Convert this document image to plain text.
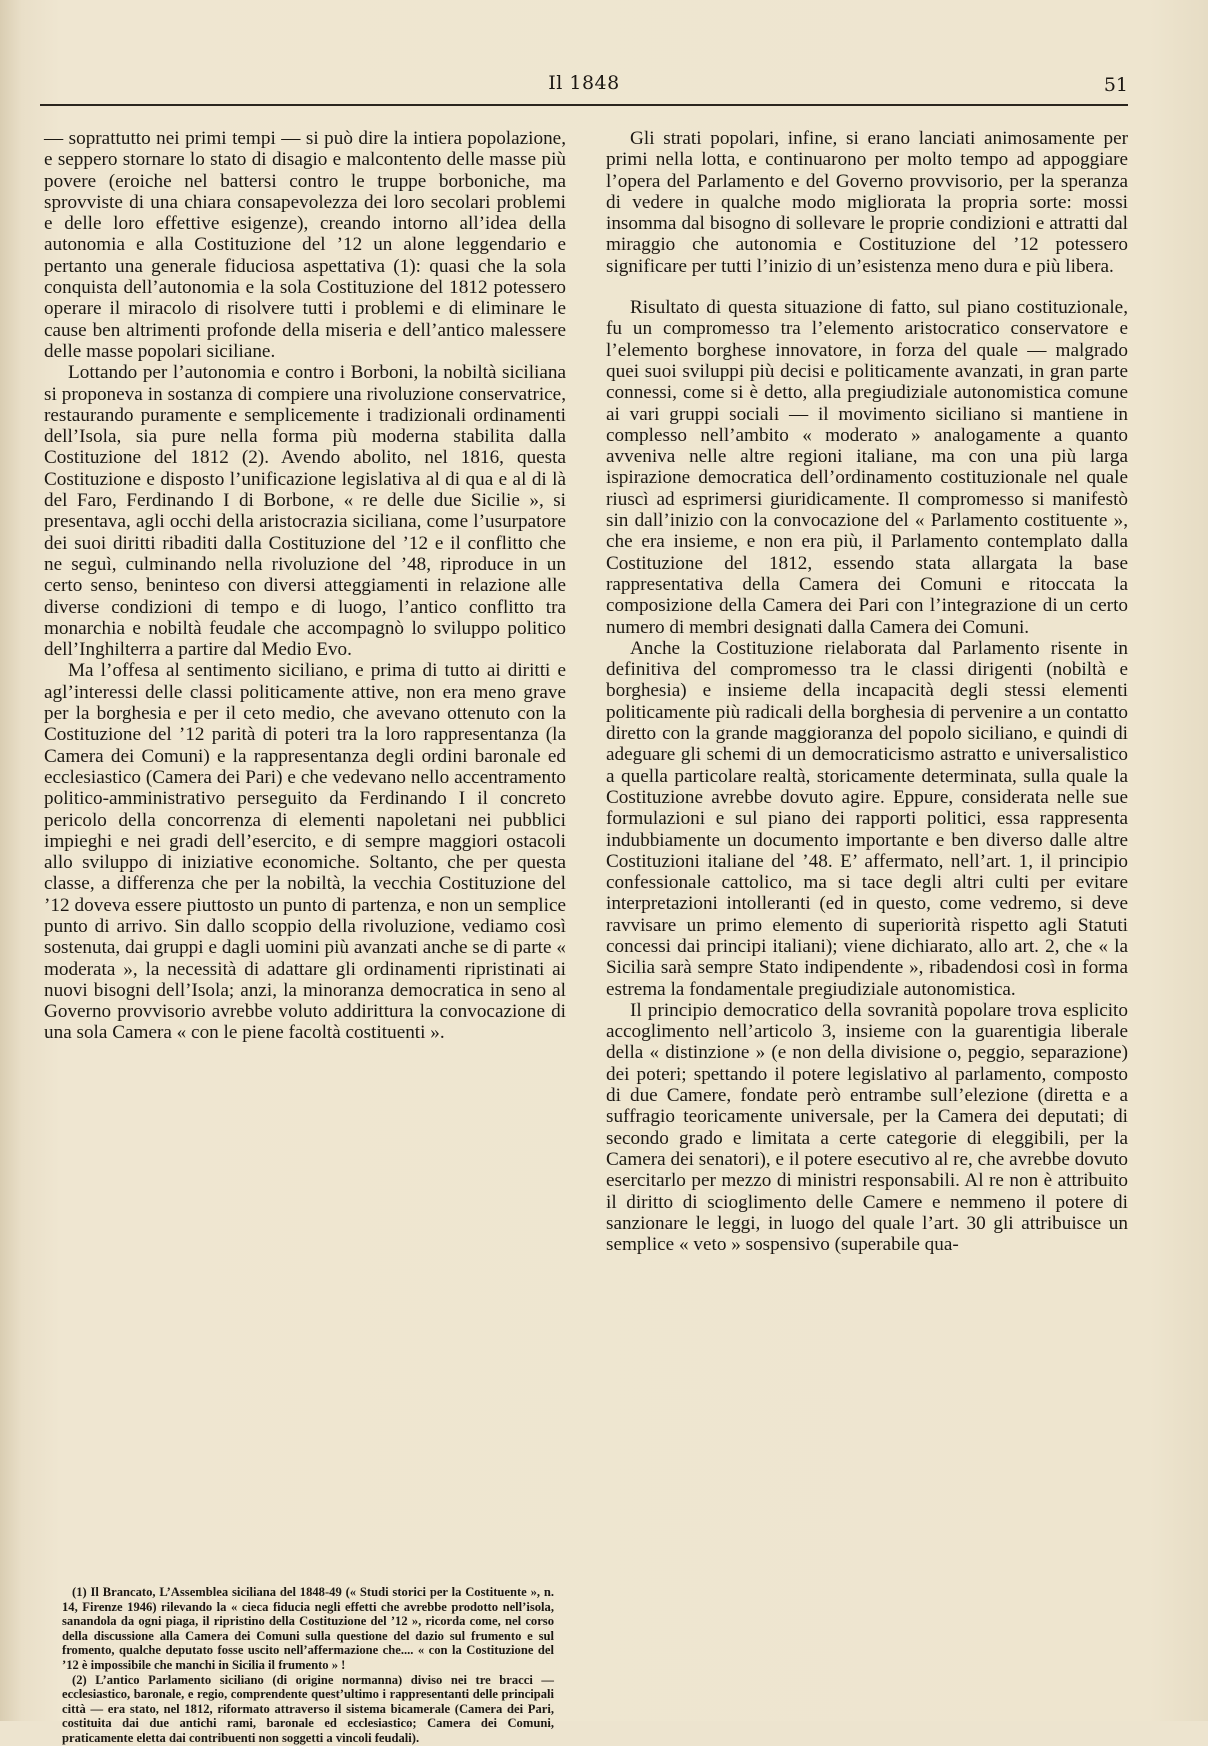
Il 1848	51

— soprattutto nei primi tempi — si può dire la intiera popolazione, e seppero stornare lo stato di disagio e malcontento delle masse più povere (eroiche nel battersi contro le truppe borboniche, ma sprovviste di una chiara consapevolezza dei loro secolari problemi e delle loro effettive esigenze), creando intorno all’idea della autonomia e alla Costituzione del ’12 un alone leggendario e pertanto una generale fiduciosa aspettativa (1): quasi che la sola conquista dell’autonomia e la sola Costituzione del 1812 potessero operare il miracolo di risolvere tutti i problemi e di eliminare le cause ben altrimenti profonde della miseria e dell’antico malessere delle masse popolari siciliane.

Lottando per l’autonomia e contro i Borboni, la nobiltà siciliana si proponeva in sostanza di compiere una rivoluzione conservatrice, restaurando puramente e semplicemente i tradizionali ordinamenti dell’Isola, sia pure nella forma più moderna stabilita dalla Costituzione del 1812 (2). Avendo abolito, nel 1816, questa Costituzione e disposto l’unificazione legislativa al di qua e al di là del Faro, Ferdinando I di Borbone, « re delle due Sicilie », si presentava, agli occhi della aristocrazia siciliana, come l’usurpatore dei suoi diritti ribaditi dalla Costituzione del ’12 e il conflitto che ne seguì, culminando nella rivoluzione del ’48, riproduce in un certo senso, beninteso con diversi atteggiamenti in relazione alle diverse condizioni di tempo e di luogo, l’antico conflitto tra monarchia e nobiltà feudale che accompagnò lo sviluppo politico dell’Inghilterra a partire dal Medio Evo.

Ma l’offesa al sentimento siciliano, e prima di tutto ai diritti e agl’interessi delle classi politicamente attive, non era meno grave per la borghesia e per il ceto medio, che avevano ottenuto con la Costituzione del ’12 parità di poteri tra la loro rappresentanza (la Camera dei Comuni) e la rappresentanza degli ordini baronale ed ecclesiastico (Camera dei Pari) e che vedevano nello accentramento politico-amministrativo perseguito da Ferdinando I il concreto pericolo della concorrenza di elementi napoletani nei pubblici impieghi e nei gradi dell’esercito, e di sempre maggiori ostacoli allo sviluppo di iniziative economiche. Soltanto, che per questa classe, a differenza che per la nobiltà, la vecchia Costituzione del ’12 doveva essere piuttosto un punto di partenza, e non un semplice punto di arrivo. Sin dallo scoppio della rivoluzione, vediamo così sostenuta, dai gruppi e dagli uomini più avanzati anche se di parte « moderata », la necessità di adattare gli ordinamenti ripristinati ai nuovi bisogni dell’Isola; anzi, la minoranza democratica in seno al Governo provvisorio avrebbe voluto addirittura la convocazione di una sola Camera « con le piene facoltà costituenti ».

Gli strati popolari, infine, si erano lanciati animosamente per primi nella lotta, e continuarono per molto tempo ad appoggiare l’opera del Parlamento e del Governo provvisorio, per la speranza di vedere in qualche modo migliorata la propria sorte: mossi insomma dal bisogno di sollevare le proprie condizioni e attratti dal miraggio che autonomia e Costituzione del ’12 potessero significare per tutti l’inizio di un’esistenza meno dura e più libera.

Risultato di questa situazione di fatto, sul piano costituzionale, fu un compromesso tra l’elemento aristocratico conservatore e l’elemento borghese innovatore, in forza del quale — malgrado quei suoi sviluppi più decisi e politicamente avanzati, in gran parte connessi, come si è detto, alla pregiudiziale autonomistica comune ai vari gruppi sociali — il movimento siciliano si mantiene in complesso nell’ambito « moderato » analogamente a quanto avveniva nelle altre regioni italiane, ma con una più larga ispirazione democratica dell’ordinamento costituzionale nel quale riuscì ad esprimersi giuridicamente. Il compromesso si manifestò sin dall’inizio con la convocazione del « Parlamento costituente », che era insieme, e non era più, il Parlamento contemplato dalla Costituzione del 1812, essendo stata allargata la base rappresentativa della Camera dei Comuni e ritoccata la composizione della Camera dei Pari con l’integrazione di un certo numero di membri designati dalla Camera dei Comuni.

Anche la Costituzione rielaborata dal Parlamento risente in definitiva del compromesso tra le classi dirigenti (nobiltà e borghesia) e insieme della incapacità degli stessi elementi politicamente più radicali della borghesia di pervenire a un contatto diretto con la grande maggioranza del popolo siciliano, e quindi di adeguare gli schemi di un democraticismo astratto e universalistico a quella particolare realtà, storicamente determinata, sulla quale la Costituzione avrebbe dovuto agire. Eppure, considerata nelle sue formulazioni e sul piano dei rapporti politici, essa rappresenta indubbiamente un documento importante e ben diverso dalle altre Costituzioni italiane del ’48. E’ affermato, nell’art. 1, il principio confessionale cattolico, ma si tace degli altri culti per evitare interpretazioni intolleranti (ed in questo, come vedremo, si deve ravvisare un primo elemento di superiorità rispetto agli Statuti concessi dai principi italiani); viene dichiarato, allo art. 2, che « la Sicilia sarà sempre Stato indipendente », ribadendosi così in forma estrema la fondamentale pregiudiziale autonomistica.

Il principio democratico della sovranità popolare trova esplicito accoglimento nell’articolo 3, insieme con la guarentigia liberale della « distinzione » (e non della divisione o, peggio, separazione) dei poteri; spettando il potere legislativo al parlamento, composto di due Camere, fondate però entrambe sull’elezione (diretta e a suffragio teoricamente universale, per la Camera dei deputati; di secondo grado e limitata a certe categorie di eleggibili, per la Camera dei senatori), e il potere esecutivo al re, che avrebbe dovuto esercitarlo per mezzo di ministri responsabili. Al re non è attribuito il diritto di scioglimento delle Camere e nemmeno il potere di sanzionare le leggi, in luogo del quale l’art. 30 gli attribuisce un semplice « veto » sospensivo (superabile qua-

(1) Il Brancato, L’Assemblea siciliana del 1848-49 (« Studi storici per la Costituente », n. 14, Firenze 1946) rilevando la « cieca fiducia negli effetti che avrebbe prodotto nell’isola, sanandola da ogni piaga, il ripristino della Costituzione del ’12 », ricorda come, nel corso della discussione alla Camera dei Comuni sulla questione del dazio sul frumento e sul fromento, qualche deputato fosse uscito nell’affermazione che.... « con la Costituzione del ’12 è impossibile che manchi in Sicilia il frumento » !

(2) L’antico Parlamento siciliano (di origine normanna) diviso nei tre bracci — ecclesiastico, baronale, e regio, comprendente quest’ultimo i rappresentanti delle principali città — era stato, nel 1812, riformato attraverso il sistema bicamerale (Camera dei Pari, costituita dai due antichi rami, baronale ed ecclesiastico; Camera dei Comuni, praticamente eletta dai contribuenti non soggetti a vincoli feudali).
